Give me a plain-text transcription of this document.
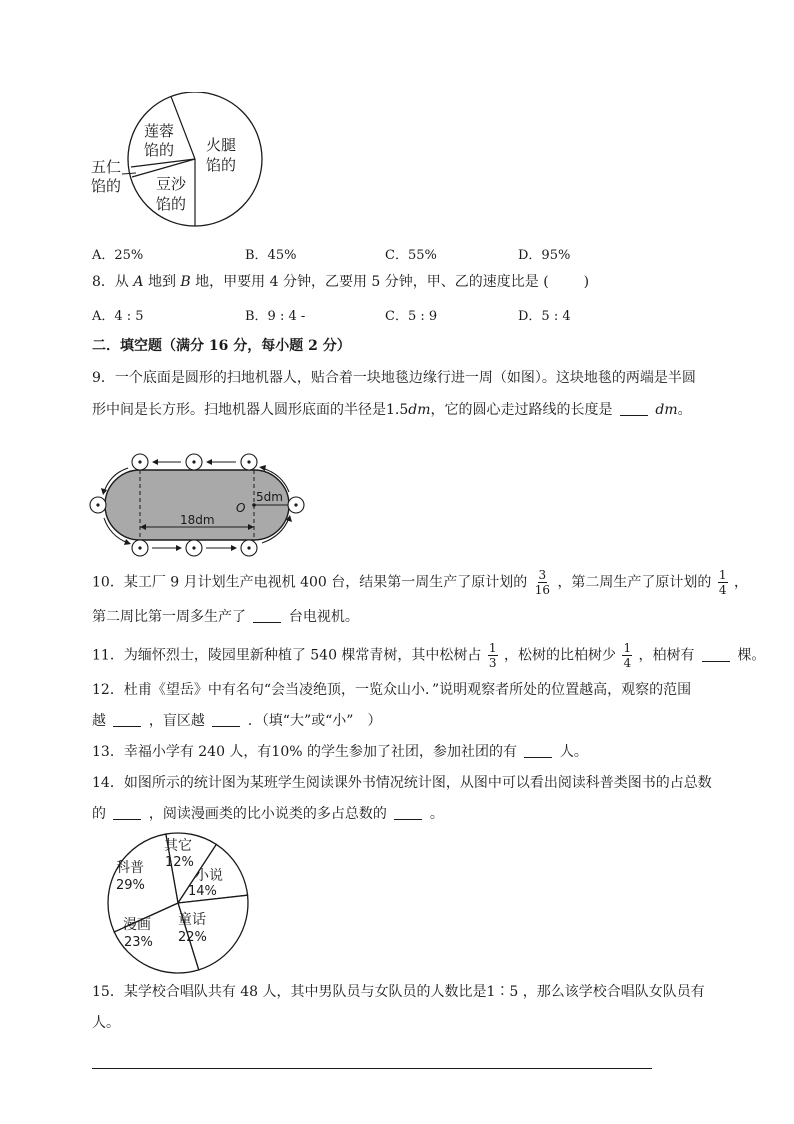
莲蓉
馅的 火腿
馅的
豆沙
馅的
五仁
馅的
A．25%	B．45%	C．55%	D．95%
8．从 A 地到 B 地，甲要用 4 分钟，乙要用 5 分钟，甲、乙的速度比是 ( )
A．4 : 5	B．9 : 4 -	C．5 : 9	D．5 : 4
二．填空题（满分 16 分，每小题 2 分）
9．一个底面是圆形的扫地机器人，贴合着一块地毯边缘行进一周（如图）。这块地毯的两端是半圆
形中间是长方形。扫地机器人圆形底面的半径是1.5dm，它的圆心走过路线的长度是	dm。
5dm
O
18dm
10．某工厂 9 月计划生产电视机 400 台，结果第一周生产了原计划的 $\frac{3}{16}$ ，第二周生产了原计划的 $\frac{1}{4}$ ，
第二周比第一周多生产了	台电视机。
11．为缅怀烈士，陵园里新种植了 540 棵常青树，其中松树占 $\frac{1}{3}$ ，松树的比柏树少 $\frac{1}{4}$ ，柏树有	棵。
12．杜甫《望岳》中有名句“会当凌绝顶，一览众山小．”说明观察者所处的位置越高，观察的范围
越	，盲区越	．（填“大”或“小”　）
13．幸福小学有 240 人，有10% 的学生参加了社团，参加社团的有	人。
14．如图所示的统计图为某班学生阅读课外书情况统计图，从图中可以看出阅读科普类图书的占总数
的	，阅读漫画类的比小说类的多占总数的	。
其它
12%
小说
14%
童话
22%
漫画
23%
科普
29%
15．某学校合唱队共有 48 人，其中男队员与女队员的人数比是1∶5 ，那么该学校合唱队女队员有
人。
